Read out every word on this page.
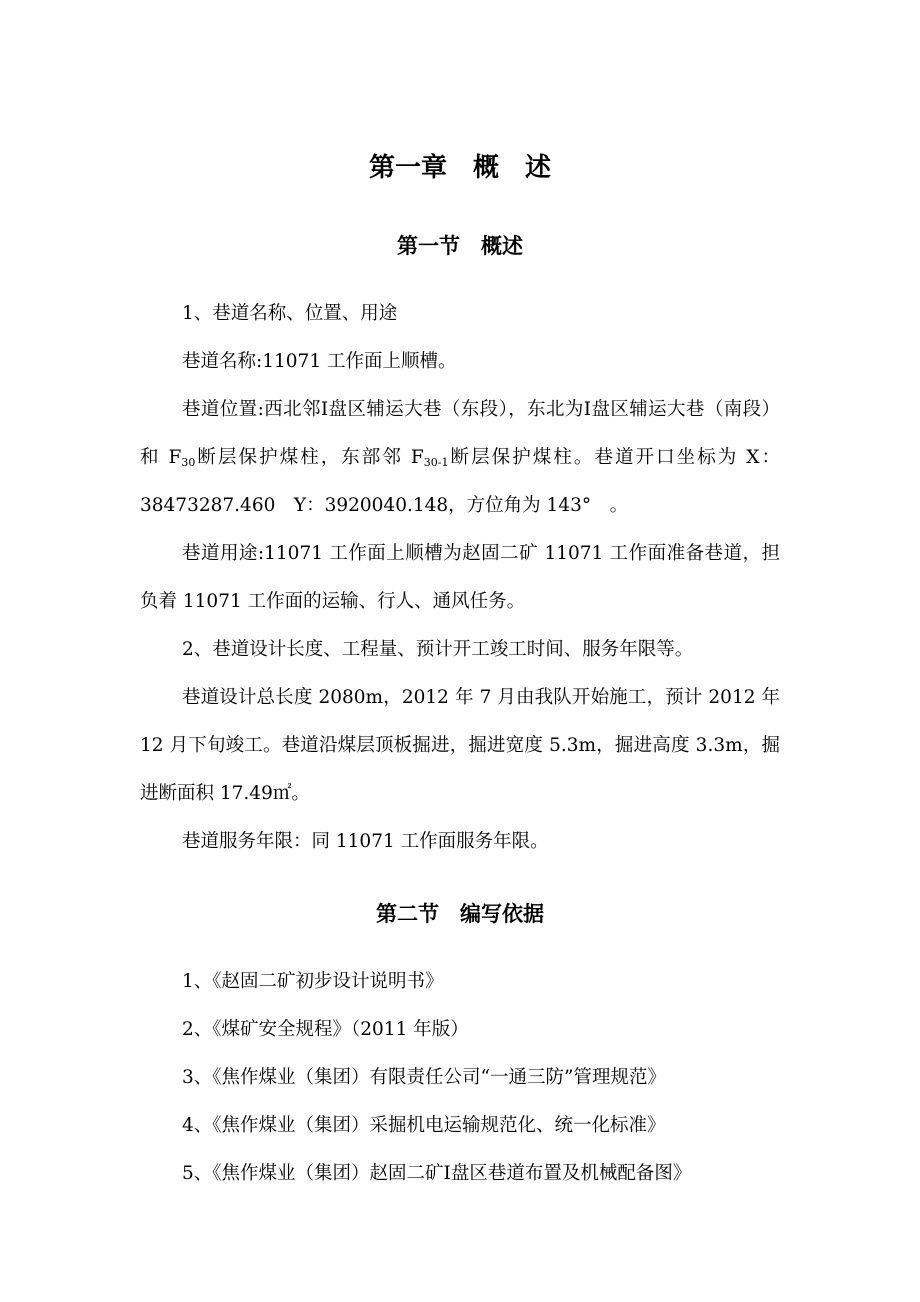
第一章　概　述
第一节　概述

1、巷道名称、位置、用途

巷道名称:11071 工作面上顺槽。

巷道位置:西北邻Ⅰ盘区辅运大巷（东段），东北为Ⅰ盘区辅运大巷（南段）和 $F_{30}$断层保护煤柱，东部邻 $F_{30-1}$断层保护煤柱。巷道开口坐标为 X：38473287.460　Y：3920040.148，方位角为 143°　。

巷道用途:11071 工作面上顺槽为赵固二矿 11071 工作面准备巷道，担负着 11071 工作面的运输、行人、通风任务。

2、巷道设计长度、工程量、预计开工竣工时间、服务年限等。

巷道设计总长度 2080m，2012 年 7 月由我队开始施工，预计 2012 年 12 月下旬竣工。巷道沿煤层顶板掘进，掘进宽度 5.3m，掘进高度 3.3m，掘进断面积 17.49㎡。

巷道服务年限：同 11071 工作面服务年限。

第二节　编写依据

1、《赵固二矿初步设计说明书》

2、《煤矿安全规程》（2011 年版）

3、《焦作煤业（集团）有限责任公司“一通三防”管理规范》

4、《焦作煤业（集团）采掘机电运输规范化、统一化标准》

5、《焦作煤业（集团）赵固二矿Ⅰ盘区巷道布置及机械配备图》
